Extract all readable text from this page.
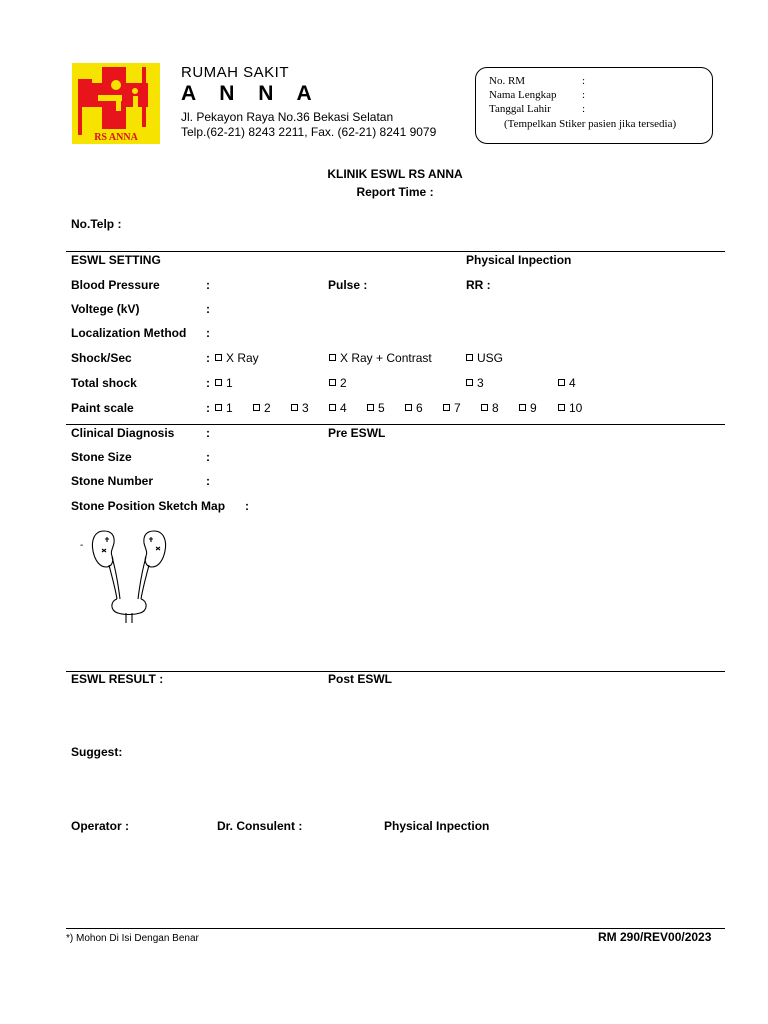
RS ANNA
RUMAH SAKIT
A N N A
Jl. Pekayon Raya No.36 Bekasi Selatan
Telp.(62-21) 8243 2211, Fax. (62-21) 8241 9079
No. RM	:
Nama Lengkap :
Tanggal Lahir	:
(Tempelkan Stiker pasien jika tersedia)
KLINIK ESWL RS ANNA
Report Time :
No.Telp :
ESWL SETTING	Physical Inpection
Blood Pressure	:	Pulse :	RR :
Voltege (kV)	:
Localization Method :
Shock/Sec	:	X Ray	X Ray + Contrast	USG
Total shock	:	1	2	3	4
Paint scale	:	1	2	3	4	5	6	7	8	9	10
Clinical Diagnosis	:	Pre ESWL
Stone Size	:
Stone Number	:
Stone Position Sketch Map :
-
ESWL RESULT :	Post ESWL
Suggest:
Operator :	Dr. Consulent :	Physical Inpection
*) Mohon Di Isi Dengan Benar	RM 290/REV00/2023
